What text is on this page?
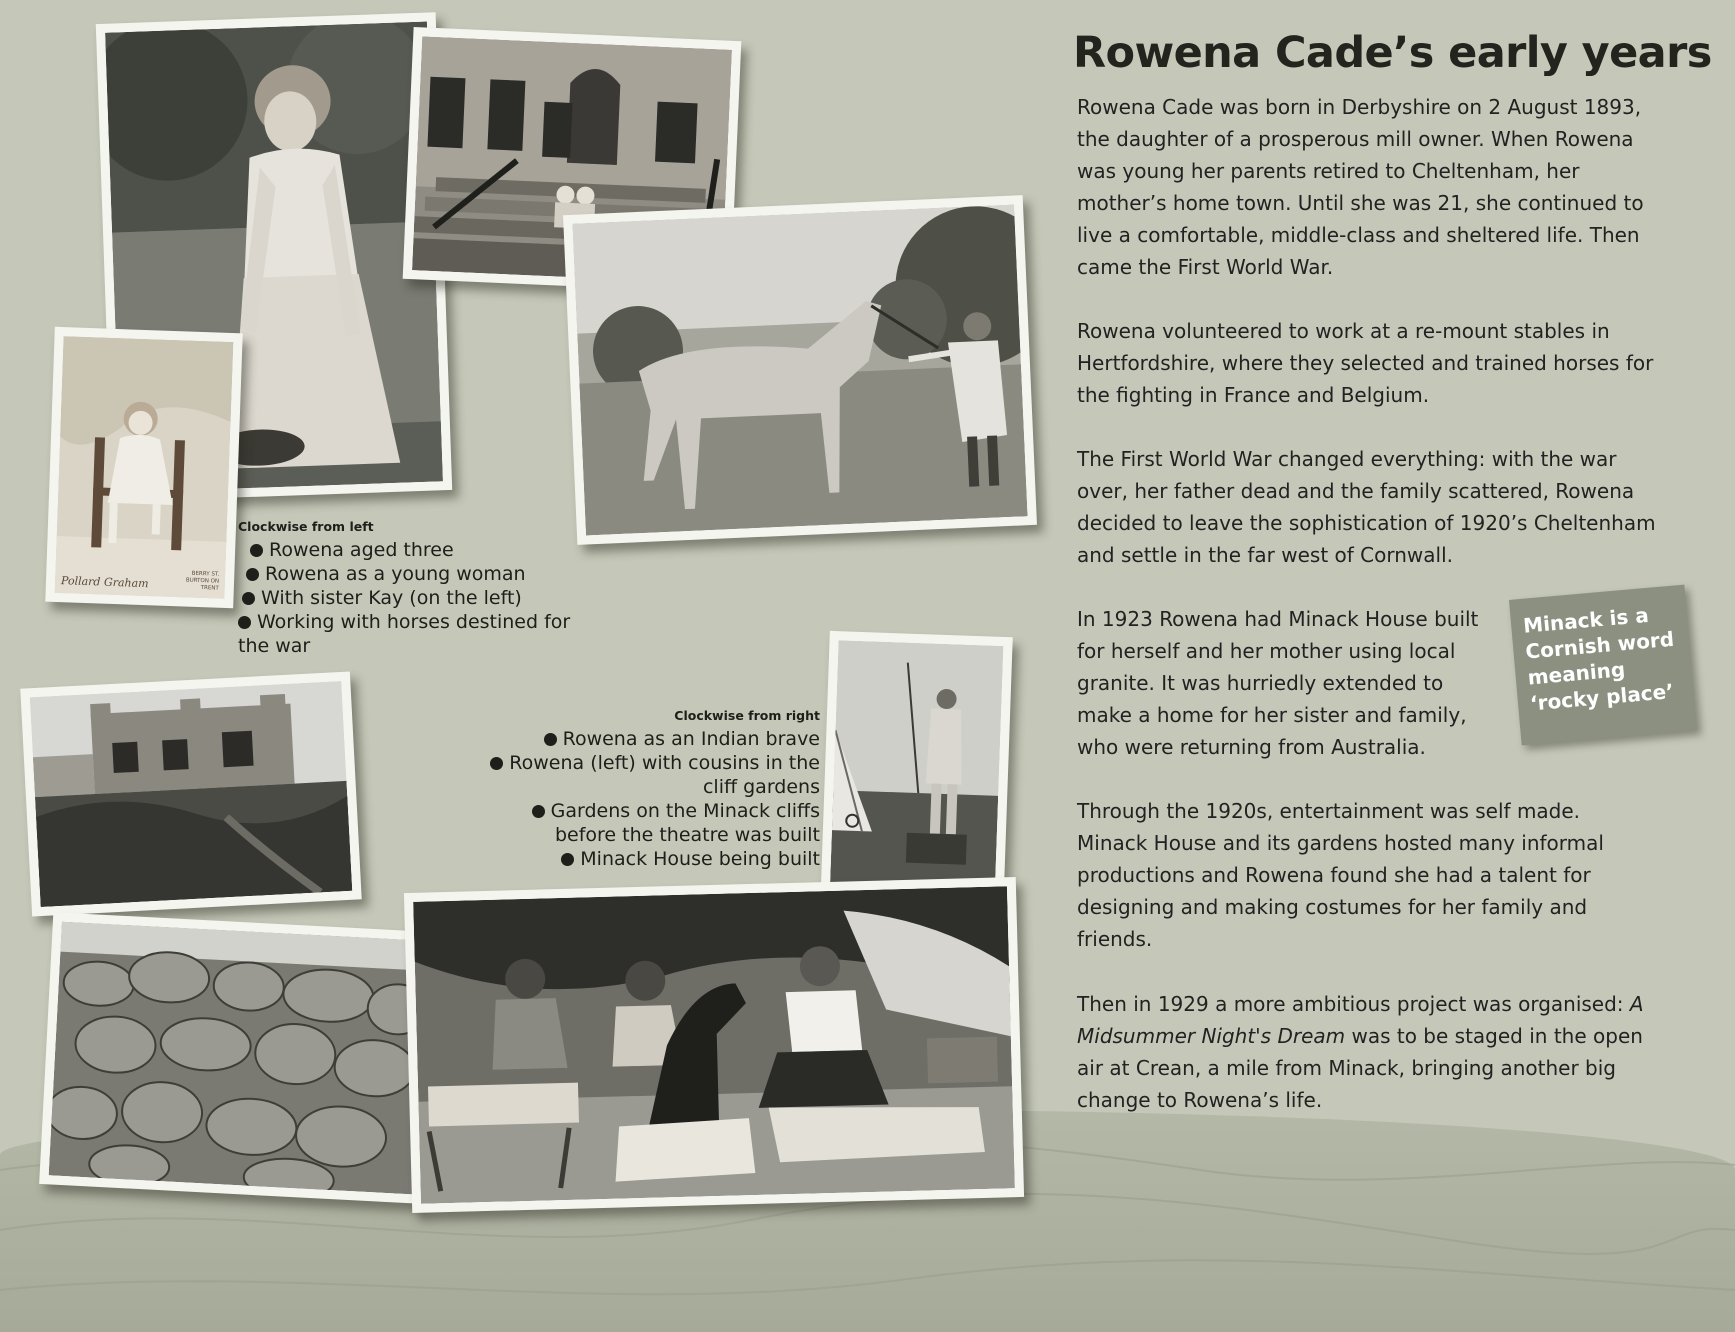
Pollard Graham	BERRY ST. BURTON ON TRENT
Clockwise from left
Rowena aged three
Rowena as a young woman
With sister Kay (on the left)
Working with horses destined for the war
Clockwise from right
Rowena as an Indian brave
Rowena (left) with cousins in the cliff gardens
Gardens on the Minack cliffs before the theatre was built
Minack House being built
Rowena Cade’s early years

Rowena Cade was born in Derbyshire on 2 August 1893, the daughter of a prosperous mill owner. When Rowena was young her parents retired to Cheltenham, her mother’s home town. Until she was 21, she continued to live a comfortable, middle-class and sheltered life. Then came the First World War.

Rowena volunteered to work at a re-mount stables in Hertfordshire, where they selected and trained horses for the fighting in France and Belgium.

The First World War changed everything: with the war over, her father dead and the family scattered, Rowena decided to leave the sophistication of 1920’s Cheltenham and settle in the far west of Cornwall.

In 1923 Rowena had Minack House built for herself and her mother using local granite. It was hurriedly extended to make a home for her sister and family, who were returning from Australia.

Through the 1920s, entertainment was self made. Minack House and its gardens hosted many informal productions and Rowena found she had a talent for designing and making costumes for her family and friends.

Then in 1929 a more ambitious project was organised: A Midsummer Night's Dream was to be staged in the open air at Crean, a mile from Minack, bringing another big change to Rowena’s life.

Minack is a Cornish word meaning ‘rocky place’
